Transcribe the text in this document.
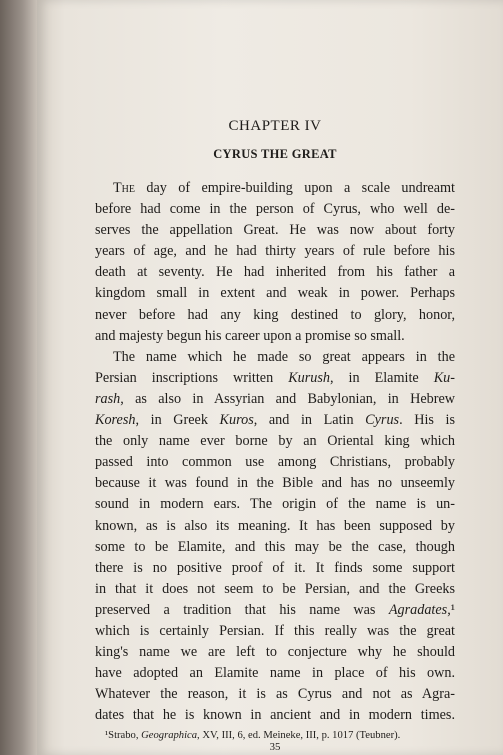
CHAPTER IV
CYRUS THE GREAT
The day of empire-building upon a scale undreamt
before had come in the person of Cyrus, who well de-
serves the appellation Great. He was now about forty
years of age, and he had thirty years of rule before his
death at seventy. He had inherited from his father a
kingdom small in extent and weak in power. Perhaps
never before had any king destined to glory, honor,
and majesty begun his career upon a promise so small.
The name which he made so great appears in the
Persian inscriptions written Kurush, in Elamite Ku-
rash, as also in Assyrian and Babylonian, in Hebrew
Koresh, in Greek Kuros, and in Latin Cyrus. His is
the only name ever borne by an Oriental king which
passed into common use among Christians, probably
because it was found in the Bible and has no unseemly
sound in modern ears. The origin of the name is un-
known, as is also its meaning. It has been supposed by
some to be Elamite, and this may be the case, though
there is no positive proof of it. It finds some support
in that it does not seem to be Persian, and the Greeks
preserved a tradition that his name was Agradates,¹
which is certainly Persian. If this really was the great
king's name we are left to conjecture why he should
have adopted an Elamite name in place of his own.
Whatever the reason, it is as Cyrus and not as Agra-
dates that he is known in ancient and in modern times.
¹Strabo, Geographica, XV, III, 6, ed. Meineke, III, p. 1017 (Teubner).
35
